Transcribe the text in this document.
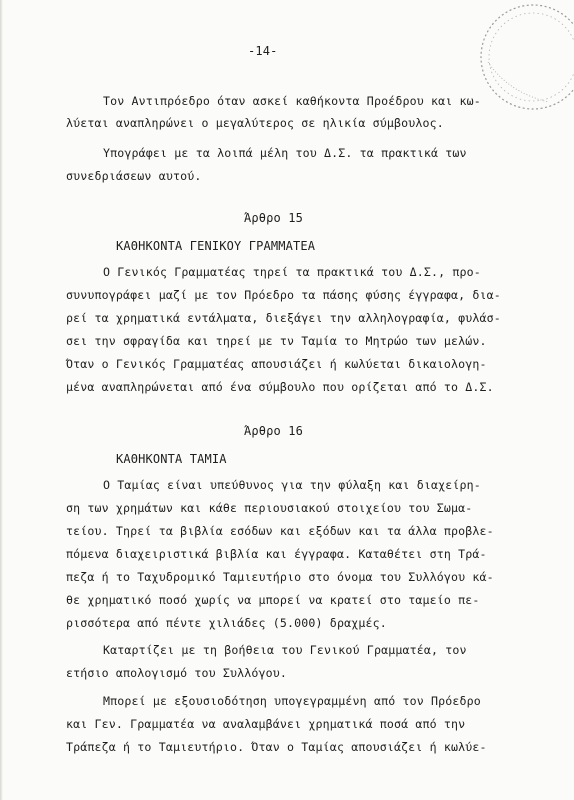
-14-
Τον Αντιπρόεδρο όταν ασκεί καθήκοντα Προέδρου και κω-
λύεται αναπληρώνει ο μεγαλύτερος σε ηλικία σύμβουλος.
Υπογράφει με τα λοιπά μέλη του Δ.Σ. τα πρακτικά των
συνεδριάσεων αυτού.
Άρθρο 15
ΚΑΘΗΚΟΝΤΑ ΓΕΝΙΚΟΥ ΓΡΑΜΜΑΤΕΑ
Ο Γενικός Γραμματέας τηρεί τα πρακτικά του Δ.Σ., προ-
συνυπογράφει μαζί με τον Πρόεδρο τα πάσης φύσης έγγραφα, δια-
ρεί τα χρηματικά εντάλματα, διεξάγει την αλληλογραφία, φυλάσ-
σει την σφραγίδα και τηρεί με τν Ταμία το Μητρώο των μελών.
Όταν ο Γενικός Γραμματέας απουσιάζει ή κωλύεται δικαιολογη-
μένα αναπληρώνεται από ένα σύμβουλο που ορίζεται από το Δ.Σ.
Άρθρο 16
ΚΑΘΗΚΟΝΤΑ ΤΑΜΙΑ
Ο Ταμίας είναι υπεύθυνος για την φύλαξη και διαχείρη-
ση των χρημάτων και κάθε περιουσιακού στοιχείου του Σωμα-
τείου. Τηρεί τα βιβλία εσόδων και εξόδων και τα άλλα προβλε-
πόμενα διαχειριστικά βιβλία και έγγραφα. Καταθέτει στη Τρά-
πεζα ή το Ταχυδρομικό Ταμιευτήριο στο όνομα του Συλλόγου κά-
θε χρηματικό ποσό χωρίς να μπορεί να κρατεί στο ταμείο πε-
ρισσότερα από πέντε χιλιάδες (5.000) δραχμές.
Καταρτίζει με τη βοήθεια του Γενικού Γραμματέα, τον
ετήσιο απολογισμό του Συλλόγου.
Μπορεί με εξουσιοδότηση υπογεγραμμένη από τον Πρόεδρο
και Γεν. Γραμματέα να αναλαμβάνει χρηματικά ποσά από την
Τράπεζα ή το Ταμιευτήριο. Όταν ο Ταμίας απουσιάζει ή κωλύε-
